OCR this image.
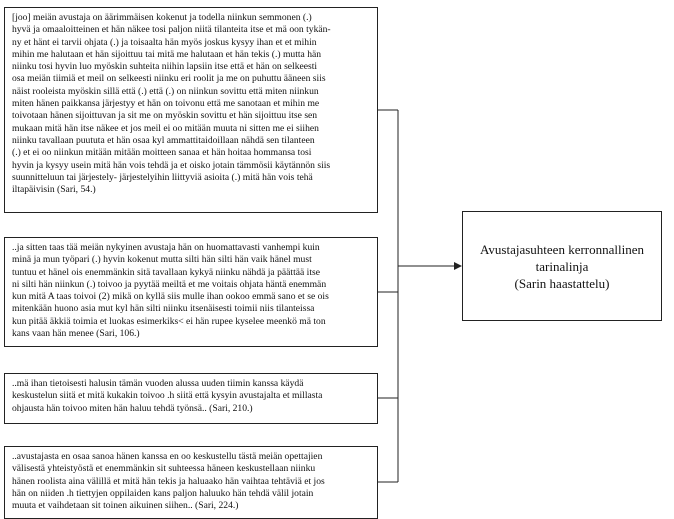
[joo] meiän avustaja on äärimmäisen kokenut ja todella niinkun semmonen (.)
hyvä ja omaaloitteinen et hän näkee tosi paljon niitä tilanteita itse et mä oon tykän-
ny et hänt ei tarvii ohjata (.) ja toisaalta hän myös joskus kysyy ihan et et mihin
mihin me halutaan et hän sijoittuu tai mitä me halutaan et hän tekis (.) mutta hän
niinku tosi hyvin luo myöskin suhteita niihin lapsiin itse että et hän on selkeesti
osa meiän tiimiä et meil on selkeesti niinku eri roolit ja me on puhuttu ääneen siis
näist rooleista myöskin sillä että (.) että (.) on niinkun sovittu että miten niinkun
miten hänen paikkansa järjestyy et hän on toivonu että me sanotaan et mihin me
toivotaan hänen sijoittuvan ja sit me on myöskin sovittu et hän sijoittuu itse sen
mukaan mitä hän itse näkee et jos meil ei oo mitään muuta ni sitten me ei siihen
niinku tavallaan puututa et hän osaa kyl ammattitaidoillaan nähdä sen tilanteen
(.) et ei oo niinkun mitään mitään moitteen sanaa et hän hoitaa hommansa tosi
hyvin ja kysyy usein mitä hän vois tehdä ja et oisko jotain tämmösii käytännön siis
suunnitteluun tai järjestely- järjestelyihin liittyviä asioita (.) mitä hän vois tehä
iltapäivisin (Sari, 54.)

..ja sitten taas tää meiän nykyinen avustaja hän on huomattavasti vanhempi kuin
minä ja mun työpari (.) hyvin kokenut mutta silti hän silti hän vaik hänel must
tuntuu et hänel ois enemmänkin sitä tavallaan kykyä niinku nähdä ja päättää itse
ni silti hän niinkun (.) toivoo ja pyytää meiltä et me voitais ohjata häntä enemmän
kun mitä A taas toivoi (2) mikä on kyllä siis mulle ihan ookoo emmä sano et se ois
mitenkään huono asia mut kyl hän silti niinku itsenäisesti toimii niis tilanteissa
kun pitää äkkiä toimia et luokas esimerkiks< ei hän rupee kyselee meenkö mä ton
kans vaan hän menee (Sari, 106.)

..mä ihan tietoisesti halusin tämän vuoden alussa uuden tiimin kanssa käydä
keskustelun siitä et mitä kukakin toivoo .h siitä että kysyin avustajalta et millasta
ohjausta hän toivoo miten hän haluu tehdä työnsä.. (Sari, 210.)

..avustajasta en osaa sanoa hänen kanssa en oo keskustellu tästä meiän opettajien
välisestä yhteistyöstä et enemmänkin sit suhteessa häneen keskustellaan niinku
hänen roolista aina välillä et mitä hän tekis ja haluaako hän vaihtaa tehtäviä et jos
hän on niiden .h tiettyjen oppilaiden kans paljon haluuko hän tehdä välil jotain
muuta et vaihdetaan sit toinen aikuinen siihen.. (Sari, 224.)

Avustajasuhteen kerronnallinen
tarinalinja
(Sarin haastattelu)
